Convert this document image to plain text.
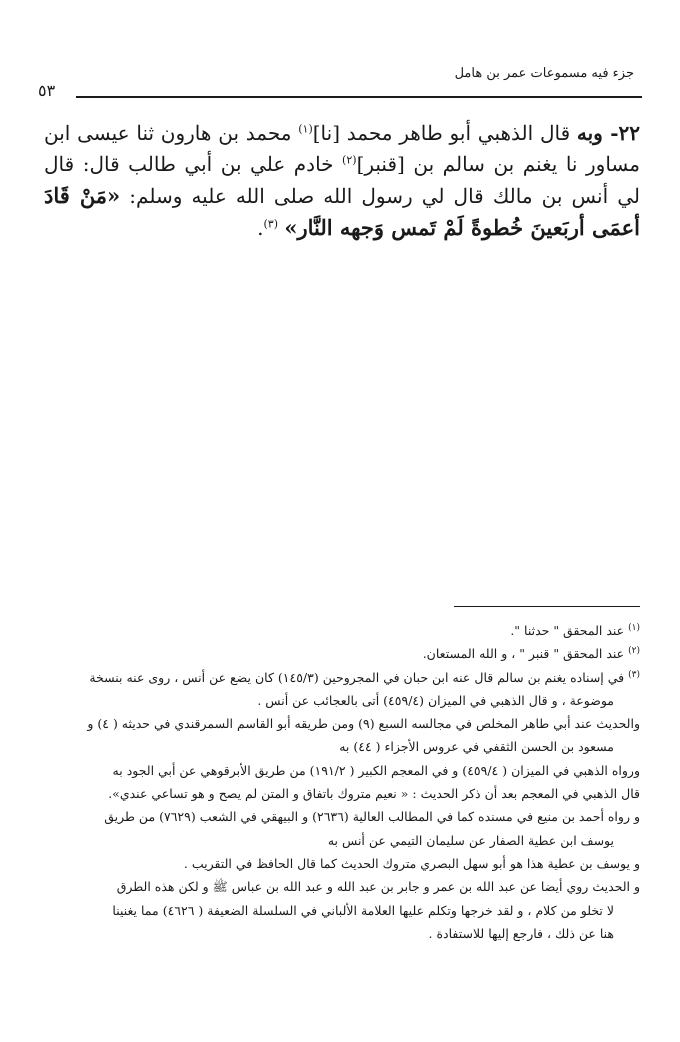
جزء فيه مسموعات عمر بن هامل
٥٣
٢٢- وبه قال الذهبي أبو طاهر محمد [نا]$^{(١)}$ محمد بن هارون ثنا عيسى ابن مساور نا يغنم بن سالم بن [قنبر]$^{(٢)}$ خادم علي بن أبي طالب قال: قال لي أنس بن مالك قال لي رسول الله صلى الله عليه وسلم: «مَنْ قَادَ أعمَى أربَعينَ خُطوةً لَمْ تَمس وَجهه النَّار» $^{(٣)}$.

$^{(١)}$ عند المحقق " حدثنا ".

$^{(٢)}$ عند المحقق " قنبر " ، و الله المستعان.

$^{(٣)}$ في إسناده يغنم بن سالم قال عنه ابن حبان في المجروحين (١٤٥/٣) كان يضع عن أنس ، روى عنه بنسخة

موضوعة ، و قال الذهبي في الميزان (٤٥٩/٤) أتى بالعجائب عن أنس .

والحديث عند أبي طاهر المخلص في مجالسه السبع (٩) ومن طريقه أبو القاسم السمرقندي في حديثه ( ٤) و

مسعود بن الحسن الثقفي في عروس الأجزاء ( ٤٤) به

ورواه الذهبي في الميزان ( ٤٥٩/٤) و في المعجم الكبير ( ١٩١/٢) من طريق الأبرقوهي عن أبي الجود به

قال الذهبي في المعجم بعد أن ذكر الحديث : « نعيم متروك باتفاق و المتن لم يصح و هو تساعي عندي».

و رواه أحمد بن منيع في مسنده كما في المطالب العالية (٢٦٣٦) و البيهقي في الشعب (٧٦٢٩) من طريق

يوسف ابن عطية الصفار عن سليمان التيمي عن أنس به

و يوسف بن عطية هذا هو أبو سهل البصري متروك الحديث كما قال الحافظ في التقريب .

و الحديث روي أيضا عن عبد الله بن عمر و جابر بن عبد الله و عبد الله بن عباس ﷺ و لكن هذه الطرق

لا تخلو من كلام ، و لقد خرجها وتكلم عليها العلامة الألباني في السلسلة الضعيفة ( ٤٦٢٦) مما يغنينا

هنا عن ذلك ، فارجع إليها للاستفادة .
